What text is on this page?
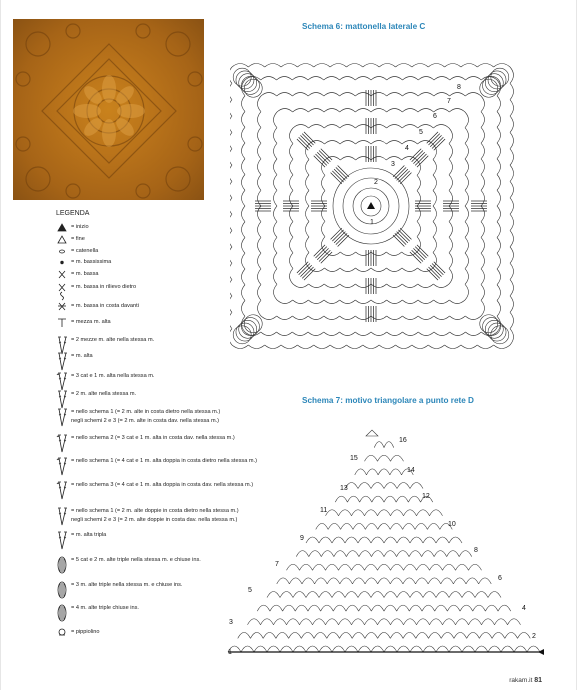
Schema 6: mattonella laterale C
1
2
3
4
5
6
7
8
Schema 7: motivo triangolare a punto rete D
1
2
3
4
5
6
7
8
9
10
11
12
13
14
15
16
LEGENDA
= inizio
= fine
= catenella
= m. bassissima
= m. bassa
= m. bassa in rilievo dietro
= m. bassa in costa davanti
= mezza m. alta
= 2 mezze m. alte nella stessa m.
= m. alta
= 3 cat e 1 m. alta nella stessa m.
= 2 m. alte nella stessa m.
= nello schema 1 (= 2 m. alte in costa dietro nella stessa m.)
negli schemi 2 e 3 (= 2 m. alte in costa dav. nella stessa m.)
= nello schema 2 (= 3 cat e 1 m. alta in costa dav. nella stessa m.)
= nello schema 1 (= 4 cat e 1 m. alta doppia in costa dietro nella stessa m.)
= nello schema 3 (= 4 cat e 1 m. alta doppia in costa dav. nella stessa m.)
= nello schema 1 (= 2 m. alte doppie in costa dietro nella stessa m.)
negli schemi 2 e 3 (= 2 m. alte doppie in costa dav. nella stessa m.)
= m. alta tripla
= 5 cat e 2 m. alte triple nella stessa m. e chiuse ins.
= 3 m. alte triple nella stessa m. e chiuse ins.
= 4 m. alte triple chiuse ins.
= pippiolino
rakam.it 81
